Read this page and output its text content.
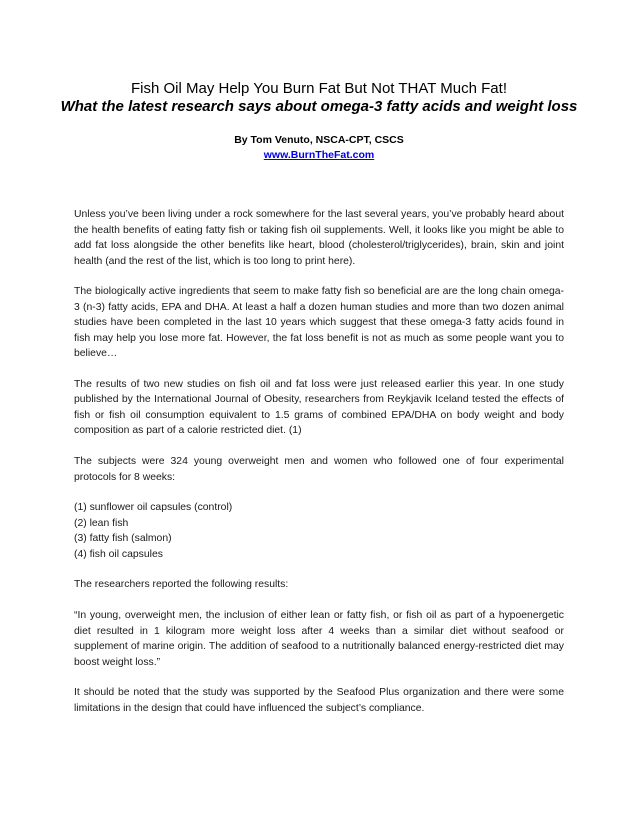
Fish Oil May Help You Burn Fat But Not THAT Much Fat!
What the latest research says about omega-3 fatty acids and weight loss
By Tom Venuto, NSCA-CPT, CSCS
www.BurnTheFat.com

Unless you’ve been living under a rock somewhere for the last several years, you’ve probably heard about the health benefits of eating fatty fish or taking fish oil supplements. Well, it looks like you might be able to add fat loss alongside the other benefits like heart, blood (cholesterol/triglycerides), brain, skin and joint health (and the rest of the list, which is too long to print here).

The biologically active ingredients that seem to make fatty fish so beneficial are are the long chain omega-3 (n-3) fatty acids, EPA and DHA. At least a half a dozen human studies and more than two dozen animal studies have been completed in the last 10 years which suggest that these omega-3 fatty acids found in fish may help you lose more fat. However, the fat loss benefit is not as much as some people want you to believe…

The results of two new studies on fish oil and fat loss were just released earlier this year. In one study published by the International Journal of Obesity, researchers from Reykjavik Iceland tested the effects of fish or fish oil consumption equivalent to 1.5 grams of combined EPA/DHA on body weight and body composition as part of a calorie restricted diet. (1)

The subjects were 324 young overweight men and women who followed one of four experimental protocols for 8 weeks:

(1) sunflower oil capsules (control)
(2) lean fish
(3) fatty fish (salmon)
(4) fish oil capsules

The researchers reported the following results:

“In young, overweight men, the inclusion of either lean or fatty fish, or fish oil as part of a hypoenergetic diet resulted in 1 kilogram more weight loss after 4 weeks than a similar diet without seafood or supplement of marine origin. The addition of seafood to a nutritionally balanced energy-restricted diet may boost weight loss.”

It should be noted that the study was supported by the Seafood Plus organization and there were some limitations in the design that could have influenced the subject’s compliance.
